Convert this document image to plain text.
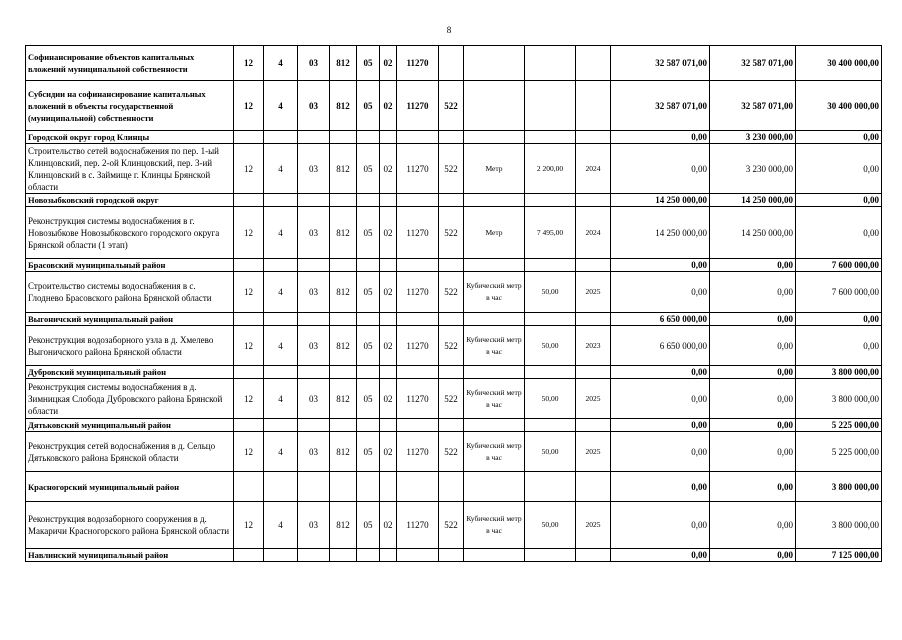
8
Софинансирование объектов капитальных вложений муниципальной собственности	12	4	03	812	05	02	11270					32 587 071,00	32 587 071,00	30 400 000,00
Субсидии на софинансирование капитальных вложений в объекты государственной (муниципальной) собственности	12	4	03	812	05	02	11270	522				32 587 071,00	32 587 071,00	30 400 000,00
Городской округ город Клинцы												0,00	3 230 000,00	0,00
Строительство сетей водоснабжения по пер. 1-ый Клинцовский, пер. 2-ой Клинцовский, пер. 3-ий Клинцовский в с. Займище г. Клинцы Брянской области	12	4	03	812	05	02	11270	522	Метр	2 200,00	2024	0,00	3 230 000,00	0,00
Новозыбковский городской округ												14 250 000,00	14 250 000,00	0,00
Реконструкция системы водоснабжения в г. Новозыбкове Новозыбковского городского округа Брянской области (1 этап)	12	4	03	812	05	02	11270	522	Метр	7 495,00	2024	14 250 000,00	14 250 000,00	0,00
Брасовский муниципальный район												0,00	0,00	7 600 000,00
Строительство системы водоснабжения в с. Глоднево Брасовского района Брянской области	12	4	03	812	05	02	11270	522	Кубический метр в час	50,00	2025	0,00	0,00	7 600 000,00
Выгоничский муниципальный район												6 650 000,00	0,00	0,00
Реконструкция водозаборного узла в д. Хмелево Выгоничского района Брянской области	12	4	03	812	05	02	11270	522	Кубический метр в час	50,00	2023	6 650 000,00	0,00	0,00
Дубровский муниципальный район												0,00	0,00	3 800 000,00
Реконструкция системы водоснабжения в д. Зимницкая Слобода Дубровского района Брянской области	12	4	03	812	05	02	11270	522	Кубический метр в час	50,00	2025	0,00	0,00	3 800 000,00
Дятьковский муниципальный район												0,00	0,00	5 225 000,00
Реконструкция сетей водоснабжения в д. Сельцо Дятьковского района Брянской области	12	4	03	812	05	02	11270	522	Кубический метр в час	50,00	2025	0,00	0,00	5 225 000,00
Красногорский муниципальный район												0,00	0,00	3 800 000,00
Реконструкция водозаборного сооружения в д. Макаричи Красногорского района Брянской области	12	4	03	812	05	02	11270	522	Кубический метр в час	50,00	2025	0,00	0,00	3 800 000,00
Навлинский муниципальный район												0,00	0,00	7 125 000,00
